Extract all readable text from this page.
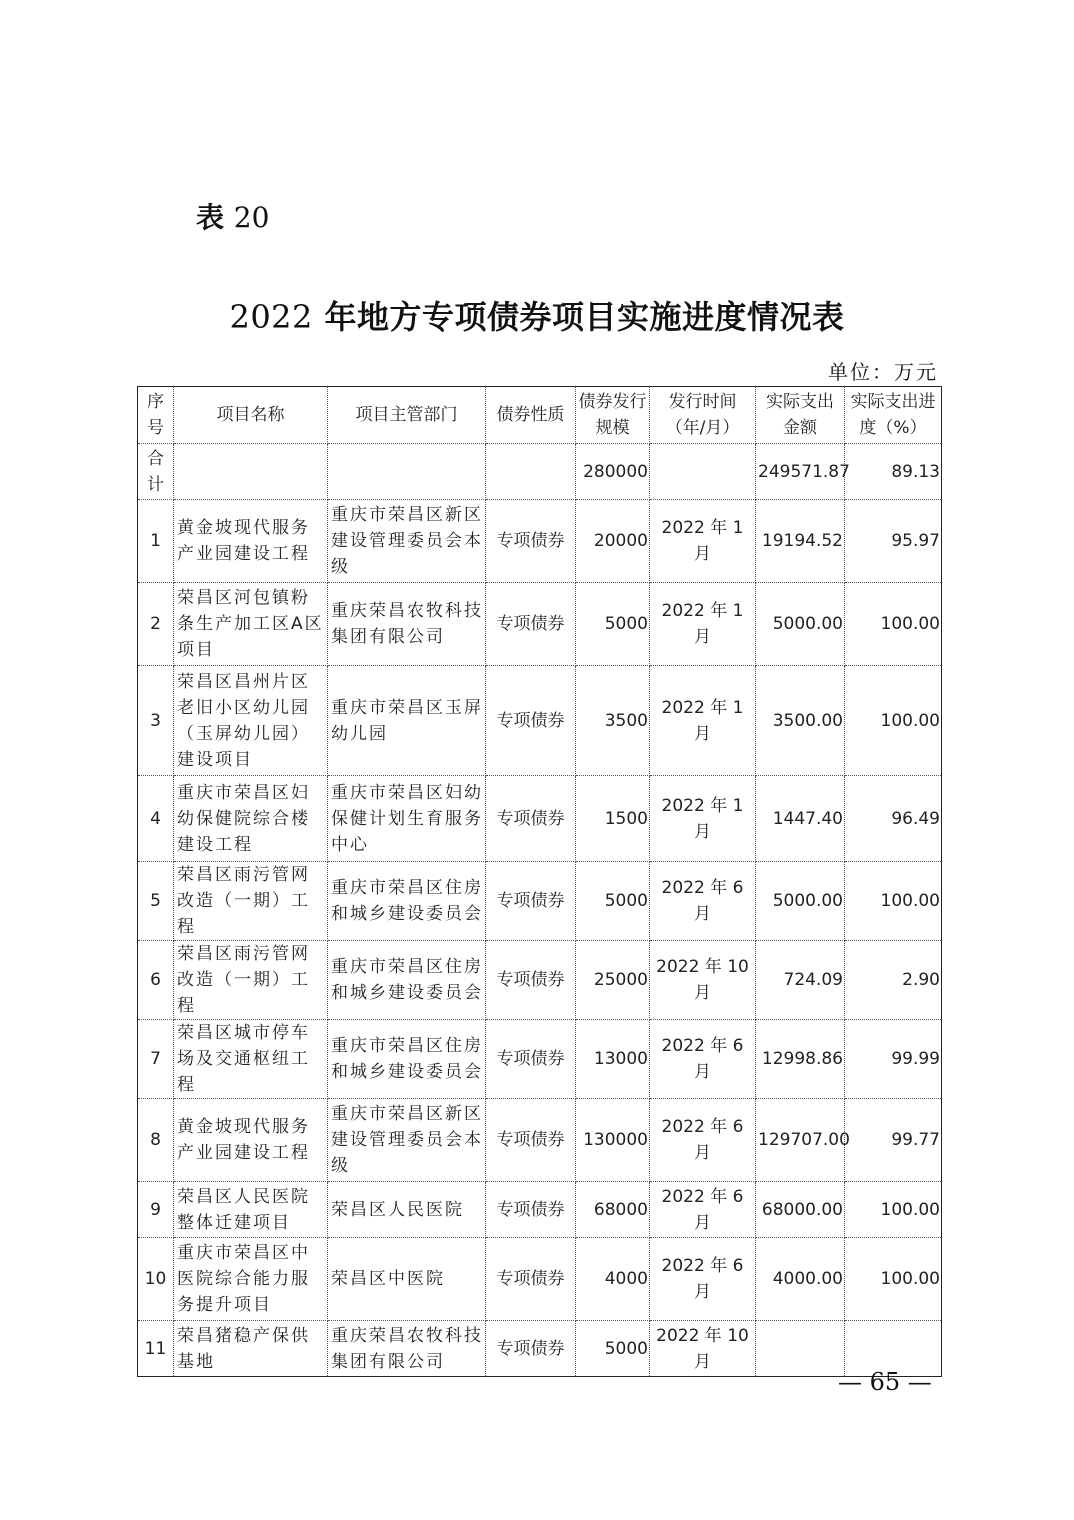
表 20
2022 年地方专项债券项目实施进度情况表
单位：万元
序号	项目名称	项目主管部门	债券性质	债券发行规模	发行时间（年/月）	实际支出金额	实际支出进度（%）
合计				280000		249571.87	89.13
1	黄金坡现代服务产业园建设工程	重庆市荣昌区新区建设管理委员会本级	专项债券	20000	2022 年 1 月	19194.52	95.97
2	荣昌区河包镇粉条生产加工区A区项目	重庆荣昌农牧科技集团有限公司	专项债券	5000	2022 年 1 月	5000.00	100.00
3	荣昌区昌州片区老旧小区幼儿园（玉屏幼儿园）建设项目	重庆市荣昌区玉屏幼儿园	专项债券	3500	2022 年 1 月	3500.00	100.00
4	重庆市荣昌区妇幼保健院综合楼建设工程	重庆市荣昌区妇幼保健计划生育服务中心	专项债券	1500	2022 年 1 月	1447.40	96.49
5	荣昌区雨污管网改造（一期）工程	重庆市荣昌区住房和城乡建设委员会	专项债券	5000	2022 年 6 月	5000.00	100.00
6	荣昌区雨污管网改造（一期）工程	重庆市荣昌区住房和城乡建设委员会	专项债券	25000	2022 年 10 月	724.09	2.90
7	荣昌区城市停车场及交通枢纽工程	重庆市荣昌区住房和城乡建设委员会	专项债券	13000	2022 年 6 月	12998.86	99.99
8	黄金坡现代服务产业园建设工程	重庆市荣昌区新区建设管理委员会本级	专项债券	130000	2022 年 6 月	129707.00	99.77
9	荣昌区人民医院整体迁建项目	荣昌区人民医院	专项债券	68000	2022 年 6 月	68000.00	100.00
10	重庆市荣昌区中医院综合能力服务提升项目	荣昌区中医院	专项债券	4000	2022 年 6 月	4000.00	100.00
11	荣昌猪稳产保供基地	重庆荣昌农牧科技集团有限公司	专项债券	5000	2022 年 10 月		
— 65 —
